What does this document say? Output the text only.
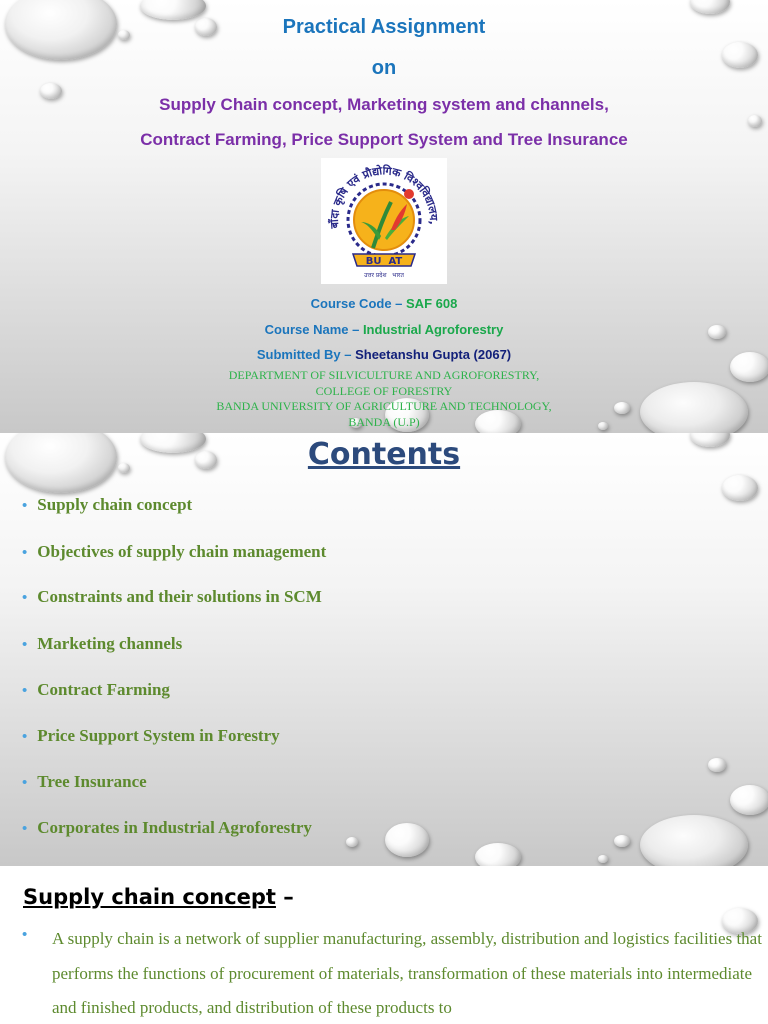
Practical Assignment
on
Supply Chain concept, Marketing system and channels,
Contract Farming, Price Support System and Tree Insurance
बाँदा कृषि एवं प्रौद्योगिक विश्वविद्यालय,
BU  AT
उत्तर प्रदेश   भारत
Course Code – SAF 608
Course Name – Industrial Agroforestry
Submitted By – Sheetanshu Gupta (2067)
DEPARTMENT OF SILVICULTURE AND AGROFORESTRY,
COLLEGE OF FORESTRY
BANDA UNIVERSITY OF AGRICULTURE AND TECHNOLOGY,
BANDA (U.P)
Contents
• Supply chain concept
• Objectives of supply chain management
• Constraints and their solutions in SCM
• Marketing channels
• Contract Farming
• Price Support System in Forestry
• Tree Insurance
• Corporates in Industrial Agroforestry
Supply chain concept –
• A supply chain is a network of supplier manufacturing, assembly, distribution and logistics facilities that performs the functions of procurement of materials, transformation of these materials into intermediate and finished products, and distribution of these products to
